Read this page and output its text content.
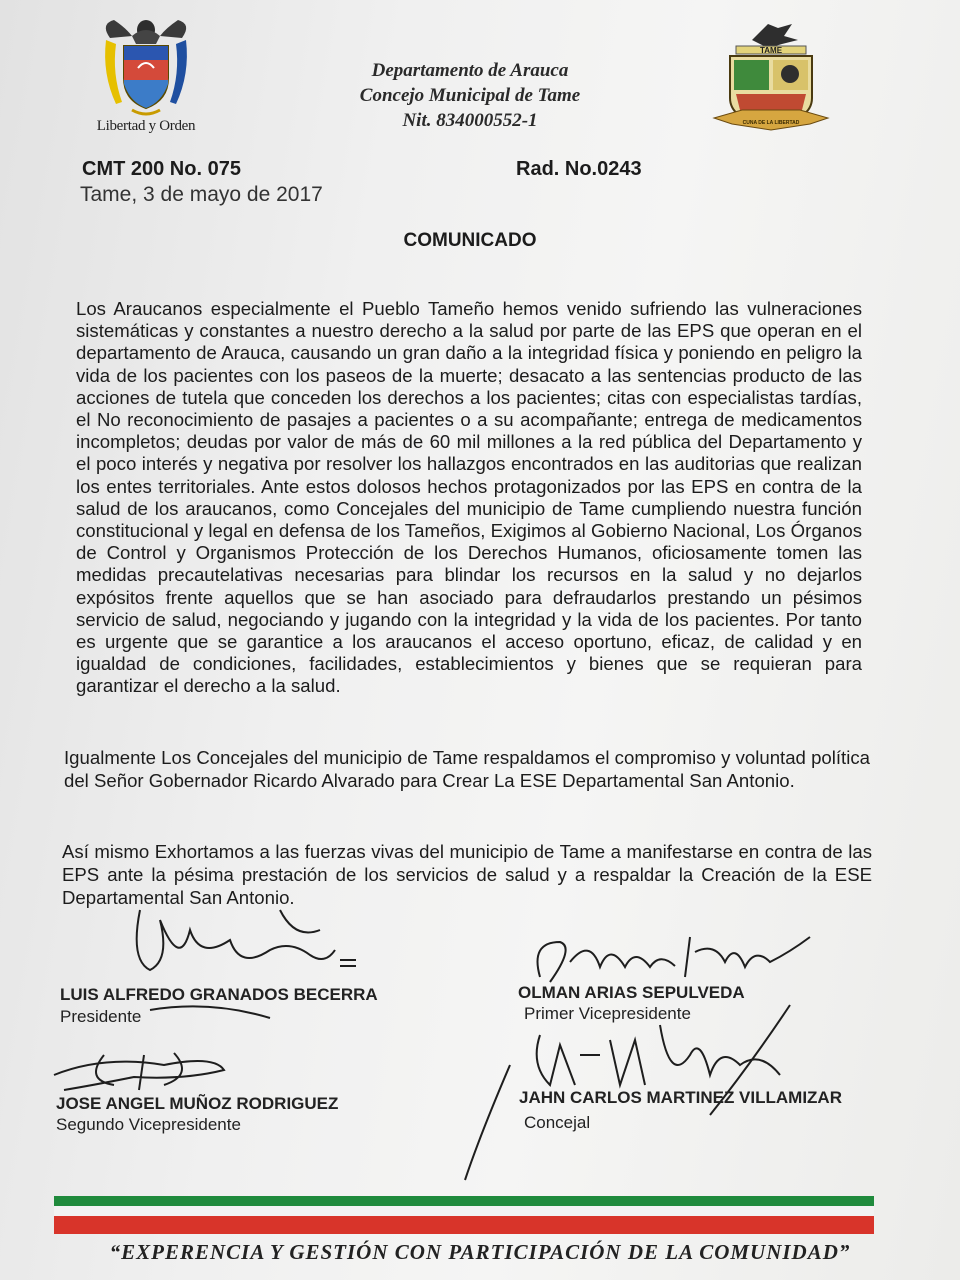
Libertad y Orden
Departamento de Arauca
Concejo Municipal de Tame
Nit. 834000552-1
TAME
CUNA DE LA LIBERTAD
CMT 200 No. 075	Rad. No.0243
Tame, 3 de mayo de 2017
COMUNICADO
Los Araucanos especialmente el Pueblo Tameño hemos venido sufriendo las vulneraciones sistemáticas y constantes a nuestro derecho a la salud por parte de las EPS que operan en el departamento de Arauca, causando un gran daño a la integridad física y poniendo en peligro la vida de los pacientes con los paseos de la muerte; desacato a las sentencias producto de las acciones de tutela que conceden los derechos a los pacientes; citas con especialistas tardías, el No reconocimiento de pasajes a pacientes o a su acompañante; entrega de medicamentos incompletos; deudas por valor de más de 60 mil millones a la red pública del Departamento y el poco interés y negativa por resolver los hallazgos encontrados en las auditorias que realizan los entes territoriales. Ante estos dolosos hechos protagonizados por las EPS en contra de la salud de los araucanos, como Concejales del municipio de Tame cumpliendo nuestra función constitucional y legal en defensa de los Tameños, Exigimos al Gobierno Nacional, Los Órganos de Control y Organismos Protección de los Derechos Humanos, oficiosamente tomen las medidas precautelativas necesarias para blindar los recursos en la salud y no dejarlos expósitos frente aquellos que se han asociado para defraudarlos prestando un pésimos servicio de salud, negociando y jugando con la integridad y la vida de los pacientes. Por tanto es urgente que se garantice a los araucanos el acceso oportuno, eficaz, de calidad y en igualdad de condiciones, facilidades, establecimientos y bienes que se requieran para garantizar el derecho a la salud.
Igualmente Los Concejales del municipio de Tame respaldamos el compromiso y voluntad política del Señor Gobernador Ricardo Alvarado para Crear La ESE Departamental San Antonio.
Así mismo Exhortamos a las fuerzas vivas del municipio de Tame a manifestarse en contra de las EPS ante la pésima prestación de los servicios de salud y a respaldar la Creación de la ESE Departamental San Antonio.
LUIS ALFREDO GRANADOS BECERRA
Presidente
OLMAN ARIAS SEPULVEDA
Primer Vicepresidente
JOSE ANGEL MUÑOZ RODRIGUEZ
Segundo Vicepresidente
JAHN CARLOS MARTINEZ VILLAMIZAR
Concejal
“EXPERENCIA Y GESTIÓN CON PARTICIPACIÓN DE LA COMUNIDAD”
